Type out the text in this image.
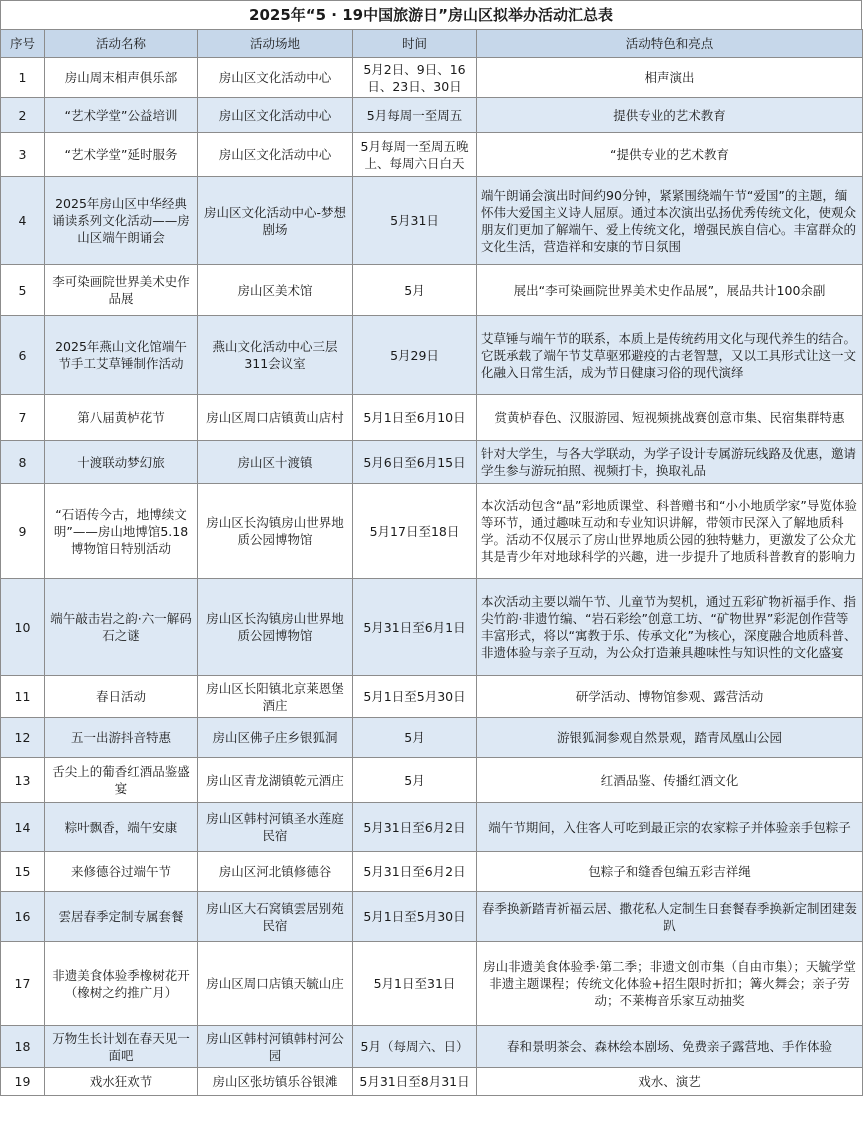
2025年“5 · 19中国旅游日”房山区拟举办活动汇总表
序号	活动名称	活动场地	时间	活动特色和亮点
1	房山周末相声俱乐部	房山区文化活动中心	5月2日、9日、16日、23日、30日	相声演出
2	“艺术学堂”公益培训	房山区文化活动中心	5月每周一至周五	提供专业的艺术教育
3	“艺术学堂”延时服务	房山区文化活动中心	5月每周一至周五晚上、每周六日白天	“提供专业的艺术教育
4	2025年房山区中华经典诵读系列文化活动——房山区端午朗诵会	房山区文化活动中心-梦想剧场	5月31日	端午朗诵会演出时间约90分钟，紧紧围绕端午节“爱国”的主题，缅怀伟大爱国主义诗人屈原。通过本次演出弘扬优秀传统文化，使观众朋友们更加了解端午、爱上传统文化，增强民族自信心。丰富群众的文化生活，营造祥和安康的节日氛围
5	李可染画院世界美术史作品展	房山区美术馆	5月	展出“李可染画院世界美术史作品展”，展品共计100余副
6	2025年燕山文化馆端午节手工艾草锤制作活动	燕山文化活动中心三层311会议室	5月29日	艾草锤与端午节的联系，本质上是传统药用文化与现代养生的结合。它既承载了端午节艾草驱邪避疫的古老智慧，又以工具形式让这一文化融入日常生活，成为节日健康习俗的现代演绎
7	第八届黄栌花节	房山区周口店镇黄山店村	5月1日至6月10日	赏黄栌春色、汉服游园、短视频挑战赛创意市集、民宿集群特惠
8	十渡联动梦幻旅	房山区十渡镇	5月6日至6月15日	针对大学生，与各大学联动，为学子设计专属游玩线路及优惠，邀请学生参与游玩拍照、视频打卡，换取礼品
9	“石语传今古，地博续文明”——房山地博馆5.18博物馆日特别活动	房山区长沟镇房山世界地质公园博物馆	5月17日至18日	本次活动包含“晶”彩地质课堂、科普赠书和“小小地质学家”导览体验等环节，通过趣味互动和专业知识讲解，带领市民深入了解地质科学。活动不仅展示了房山世界地质公园的独特魅力，更激发了公众尤其是青少年对地球科学的兴趣，进一步提升了地质科普教育的影响力
10	端午敲击岩之韵·六一解码石之谜	房山区长沟镇房山世界地质公园博物馆	5月31日至6月1日	本次活动主要以端午节、儿童节为契机，通过五彩矿物祈福手作、指尖竹韵·非遗竹编、“岩石彩绘”创意工坊、“矿物世界”彩泥创作营等丰富形式，将以“寓教于乐、传承文化”为核心，深度融合地质科普、非遗体验与亲子互动，为公众打造兼具趣味性与知识性的文化盛宴
11	春日活动	房山区长阳镇北京莱恩堡酒庄	5月1日至5月30日	研学活动、博物馆参观、露营活动
12	五一出游抖音特惠	房山区佛子庄乡银狐洞	5月	游银狐洞参观自然景观，踏青凤凰山公园
13	舌尖上的葡香红酒品鉴盛宴	房山区青龙湖镇乾元酒庄	5月	红酒品鉴、传播红酒文化
14	粽叶飘香，端午安康	房山区韩村河镇圣水莲庭民宿	5月31日至6月2日	端午节期间，入住客人可吃到最正宗的农家粽子并体验亲手包粽子
15	来修德谷过端午节	房山区河北镇修德谷	5月31日至6月2日	包粽子和缝香包编五彩吉祥绳
16	雲居春季定制专属套餐	房山区大石窝镇雲居别苑民宿	5月1日至5月30日	春季换新踏青祈福云居、撒花私人定制生日套餐春季换新定制团建轰趴
17	非遗美食体验季橡树花开（橡树之约推广月）	房山区周口店镇天毓山庄	5月1日至31日	房山非遗美食体验季·第二季；非遗文创市集（自由市集）；天毓学堂非遗主题课程；传统文化体验+招生限时折扣；篝火舞会；亲子劳动；不莱梅音乐家互动抽奖
18	万物生长计划在春天见一面吧	房山区韩村河镇韩村河公园	5月（每周六、日）	春和景明茶会、森林绘本剧场、免费亲子露营地、手作体验
19	戏水狂欢节	房山区张坊镇乐谷银滩	5月31日至8月31日	戏水、演艺
